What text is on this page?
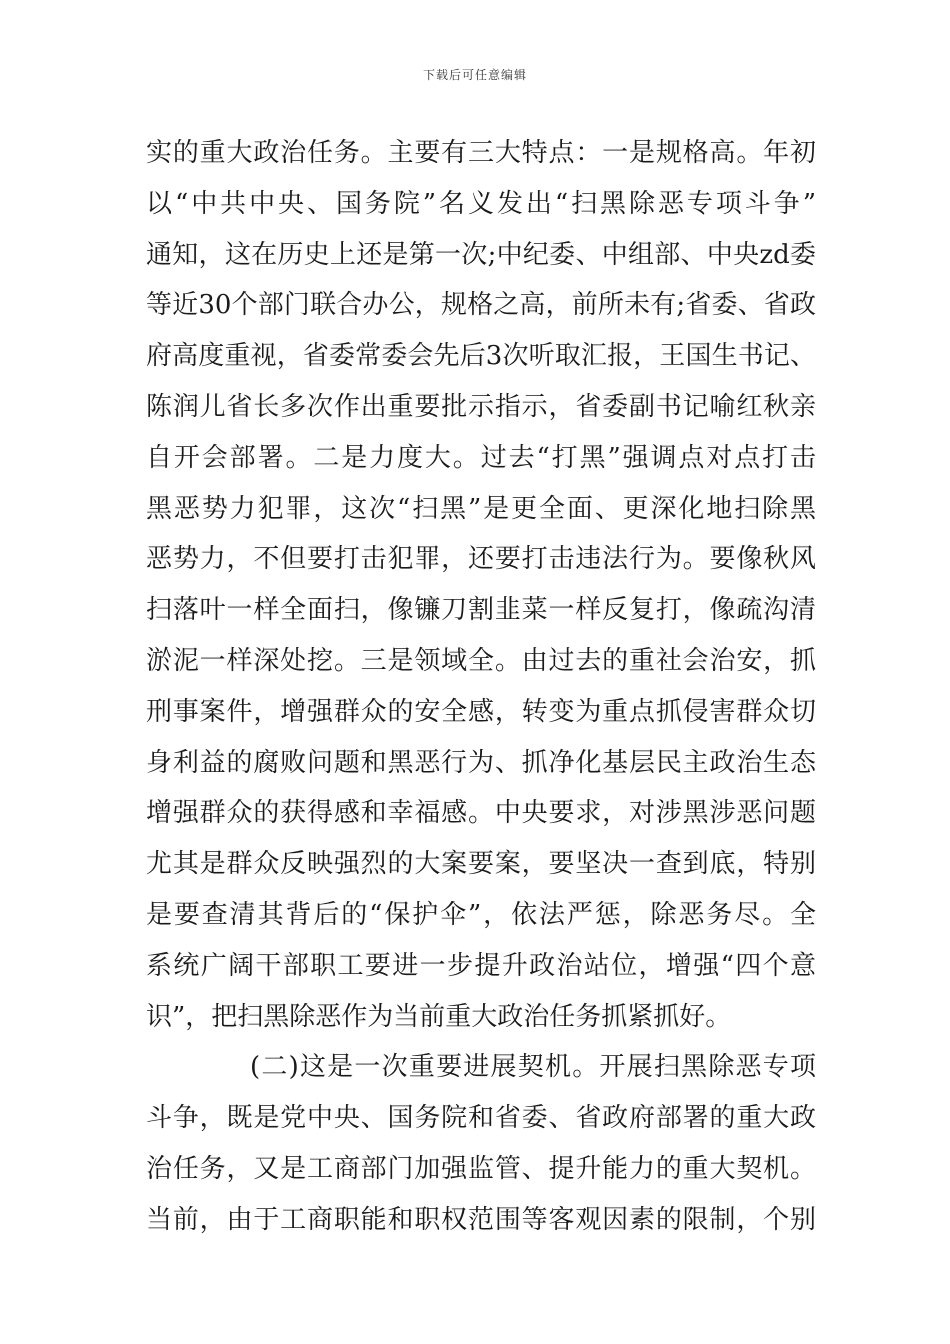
下载后可任意编辑
实的重大政治任务。主要有三大特点：一是规格高。年初
以“中共中央、国务院”名义发出“扫黑除恶专项斗争”
通知，这在历史上还是第一次;中纪委、中组部、中央zd委
等近30个部门联合办公，规格之高，前所未有;省委、省政
府高度重视，省委常委会先后3次听取汇报，王国生书记、
陈润儿省长多次作出重要批示指示，省委副书记喻红秋亲
自开会部署。二是力度大。过去“打黑”强调点对点打击
黑恶势力犯罪，这次“扫黑”是更全面、更深化地扫除黑
恶势力，不但要打击犯罪，还要打击违法行为。要像秋风
扫落叶一样全面扫，像镰刀割韭菜一样反复打，像疏沟清
淤泥一样深处挖。三是领域全。由过去的重社会治安，抓
刑事案件，增强群众的安全感，转变为重点抓侵害群众切
身利益的腐败问题和黑恶行为、抓净化基层民主政治生态
增强群众的获得感和幸福感。中央要求，对涉黑涉恶问题
尤其是群众反映强烈的大案要案，要坚决一查到底，特别
是要查清其背后的“保护伞”，依法严惩，除恶务尽。全
系统广阔干部职工要进一步提升政治站位，增强“四个意
识”，把扫黑除恶作为当前重大政治任务抓紧抓好。
(二)这是一次重要进展契机。开展扫黑除恶专项
斗争，既是党中央、国务院和省委、省政府部署的重大政
治任务，又是工商部门加强监管、提升能力的重大契机。
当前，由于工商职能和职权范围等客观因素的限制，个别
